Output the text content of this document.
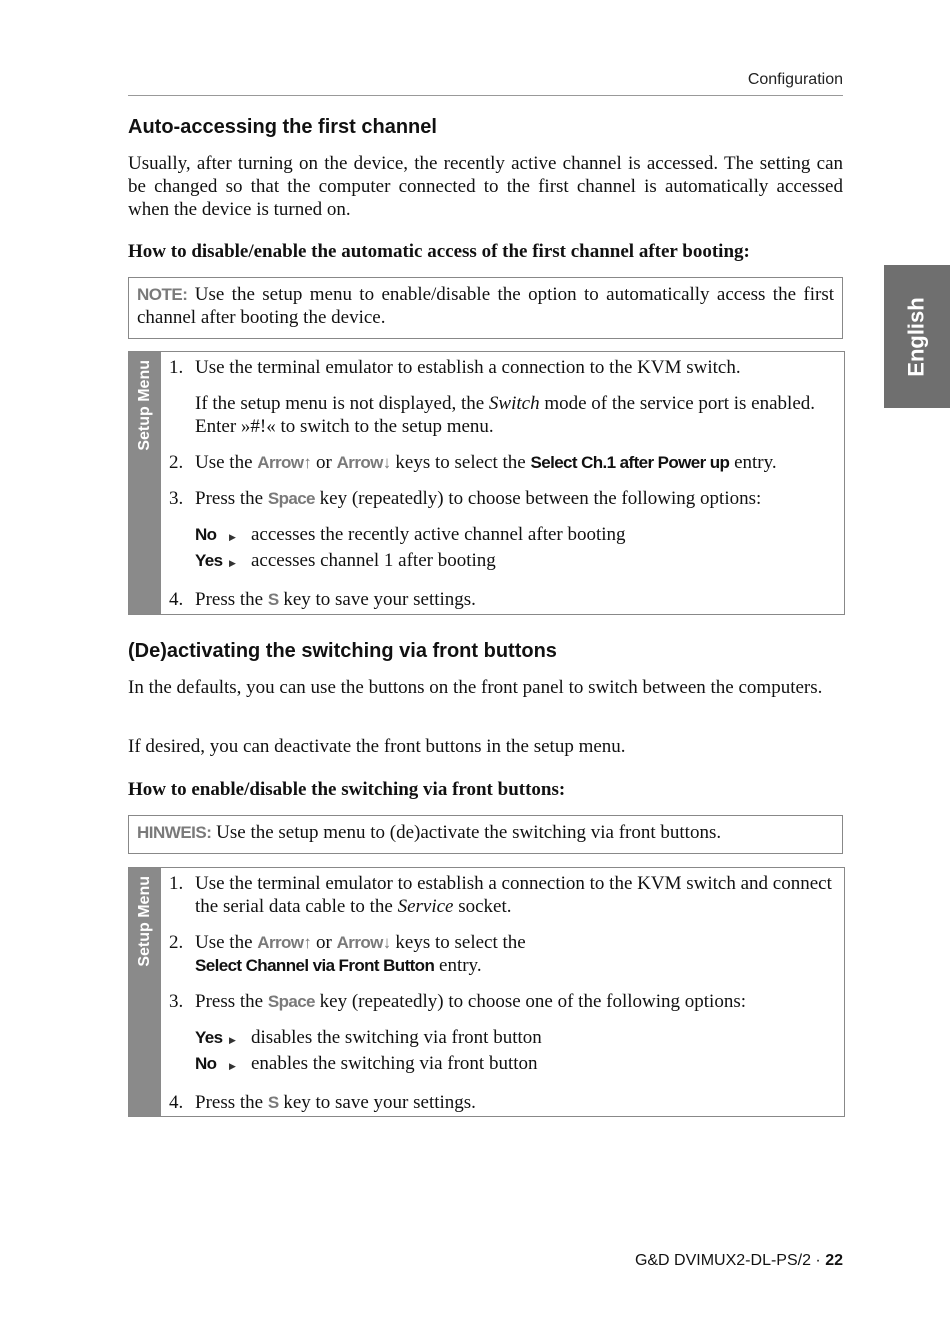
Configuration
English
Auto-accessing the first channel

Usually, after turning on the device, the recently active channel is accessed. The setting can be changed so that the computer connected to the first channel is automatically accessed when the device is turned on.

How to disable/enable the automatic access of the first channel after booting:

NOTE: Use the setup menu to enable/disable the option to automatically access the first channel after booting the device.
Setup Menu 1. Use the terminal emulator to establish a connection to the KVM switch.
If the setup menu is not displayed, the Switch mode of the service port is enabled. Enter »#!« to switch to the setup menu.
2. Use the Arrow↑ or Arrow↓ keys to select the Select Ch.1 after Power up entry.
3. Press the Space key (repeatedly) to choose between the following options:
No	▶ accesses the recently active channel after booting
Yes ▶ accesses channel 1 after booting
4. Press the S key to save your settings.
(De)activating the switching via front buttons

In the defaults, you can use the buttons on the front panel to switch between the computers.

If desired, you can deactivate the front buttons in the setup menu.

How to enable/disable the switching via front buttons:

HINWEIS: Use the setup menu to (de)activate the switching via front buttons.
Setup Menu 1. Use the terminal emulator to establish a connection to the KVM switch and connect the serial data cable to the Service socket.
2. Use the Arrow↑ or Arrow↓ keys to select the
Select Channel via Front Button entry.
3. Press the Space key (repeatedly) to choose one of the following options:
Yes ▶ disables the switching via front button
No	▶ enables the switching via front button
4. Press the S key to save your settings.
G&D DVIMUX2-DL-PS/2 · 22
